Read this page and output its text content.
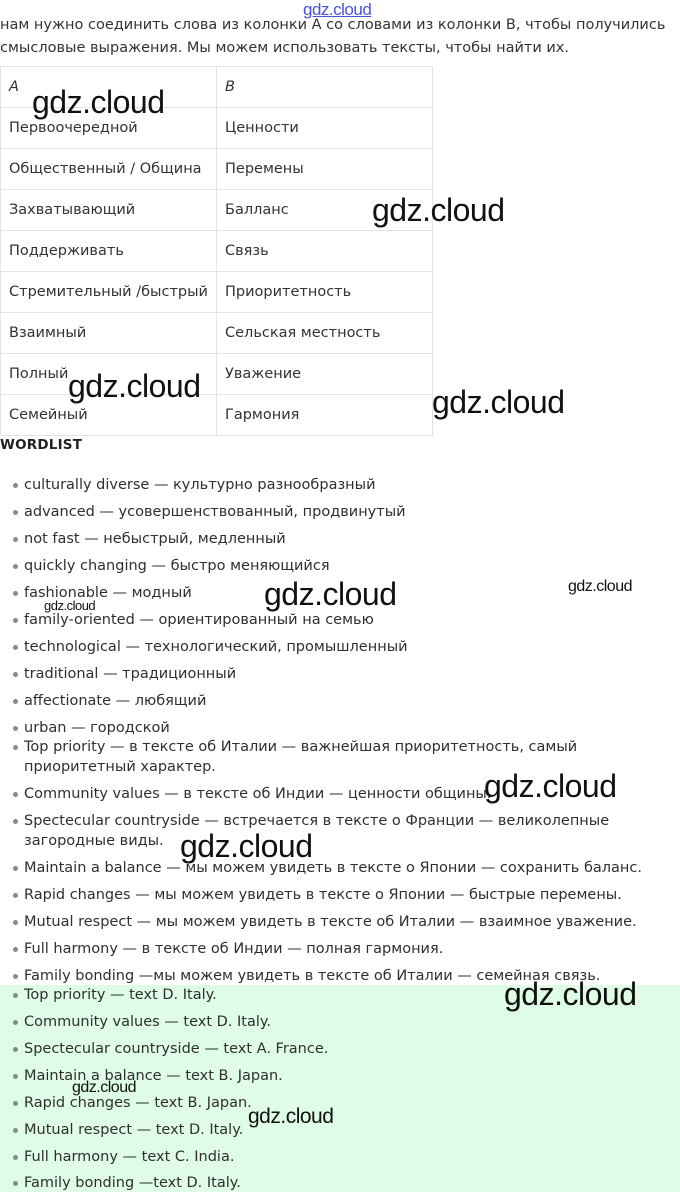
нам нужно соединить слова из колонки A со словами из колонки B, чтобы получились
смысловые выражения. Мы можем использовать тексты, чтобы найти их.
A	B
Первоочередной	Ценности
Общественный / Община	Перемены
Захватывающий	Балланс
Поддерживать	Связь
Стремительный /быстрый	Приоритетность
Взаимный	Сельская местность
Полный	Уважение
Семейный	Гармония
WORDLIST
culturally diverse — культурно разнообразный
advanced — усовершенствованный, продвинутый
not fast — небыстрый, медленный
quickly changing — быстро меняющийся
fashionable — модный
family-oriented — ориентированный на семью
technological — технологический, промышленный
traditional — традиционный
affectionate — любящий
urban — городской
Top priority — в тексте об Италии — важнейшая приоритетность, самый
приоритетный характер.
Community values — в тексте об Индии — ценности общины.
Spectecular countryside — встречается в тексте о Франции — великолепные
загородные виды.
Maintain a balance — мы можем увидеть в тексте о Японии — сохранить баланс.
Rapid changes — мы можем увидеть в тексте о Японии — быстрые перемены.
Mutual respect — мы можем увидеть в тексте об Италии — взаимное уважение.
Full harmony — в тексте об Индии — полная гармония.
Family bonding —мы можем увидеть в тексте об Италии — семейная связь.
Top priority — text D. Italy.
Community values — text D. Italy.
Spectecular countryside — text A. France.
Maintain a balance — text B. Japan.
Rapid changes — text B. Japan.
Mutual respect — text D. Italy.
Full harmony — text C. India.
Family bonding —text D. Italy.
gdz.cloud
gdz.cloud
gdz.cloud
gdz.cloud	gdz.cloud
gdz.cloud	gdz.cloud
gdz.cloud
gdz.cloud
gdz.cloud
gdz.cloud
gdz.cloud
gdz.cloud
